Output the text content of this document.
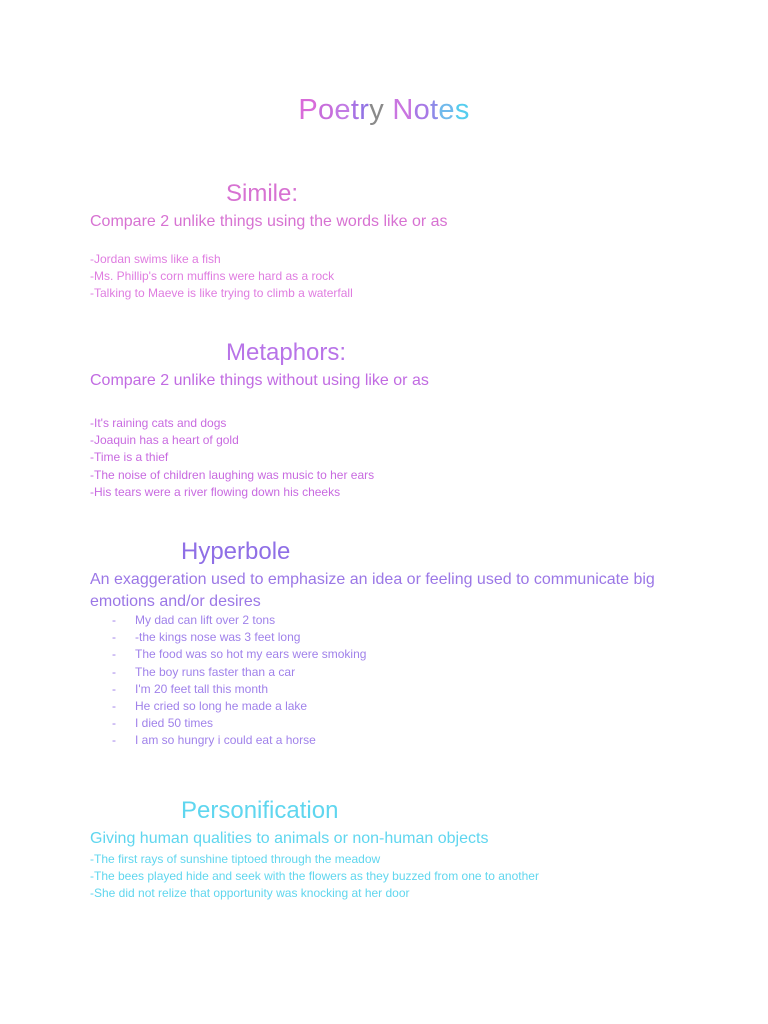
Poetry Notes
Simile:
Compare 2 unlike things using the words like or as
-Jordan swims like a fish
-Ms. Phillip's corn muffins were hard as a rock
-Talking to Maeve is like trying to climb a waterfall
Metaphors:
Compare 2 unlike things without using like or as
-It's raining cats and dogs
-Joaquin has a heart of gold
-Time is a thief
-The noise of children laughing was music to her ears
-His tears were a river flowing down his cheeks
Hyperbole
An exaggeration used to emphasize an idea or feeling used to communicate big emotions and/or desires
- My dad can lift over 2 tons
- -the kings nose was 3 feet long
- The food was so hot my ears were smoking
- The boy runs faster than a car
- I'm 20 feet tall this month
- He cried so long he made a lake
- I died 50 times
- I am so hungry i could eat a horse
Personification
Giving human qualities to animals or non-human objects
-The first rays of sunshine tiptoed through the meadow
-The bees played hide and seek with the flowers as they buzzed from one to another
-She did not relize that opportunity was knocking at her door
